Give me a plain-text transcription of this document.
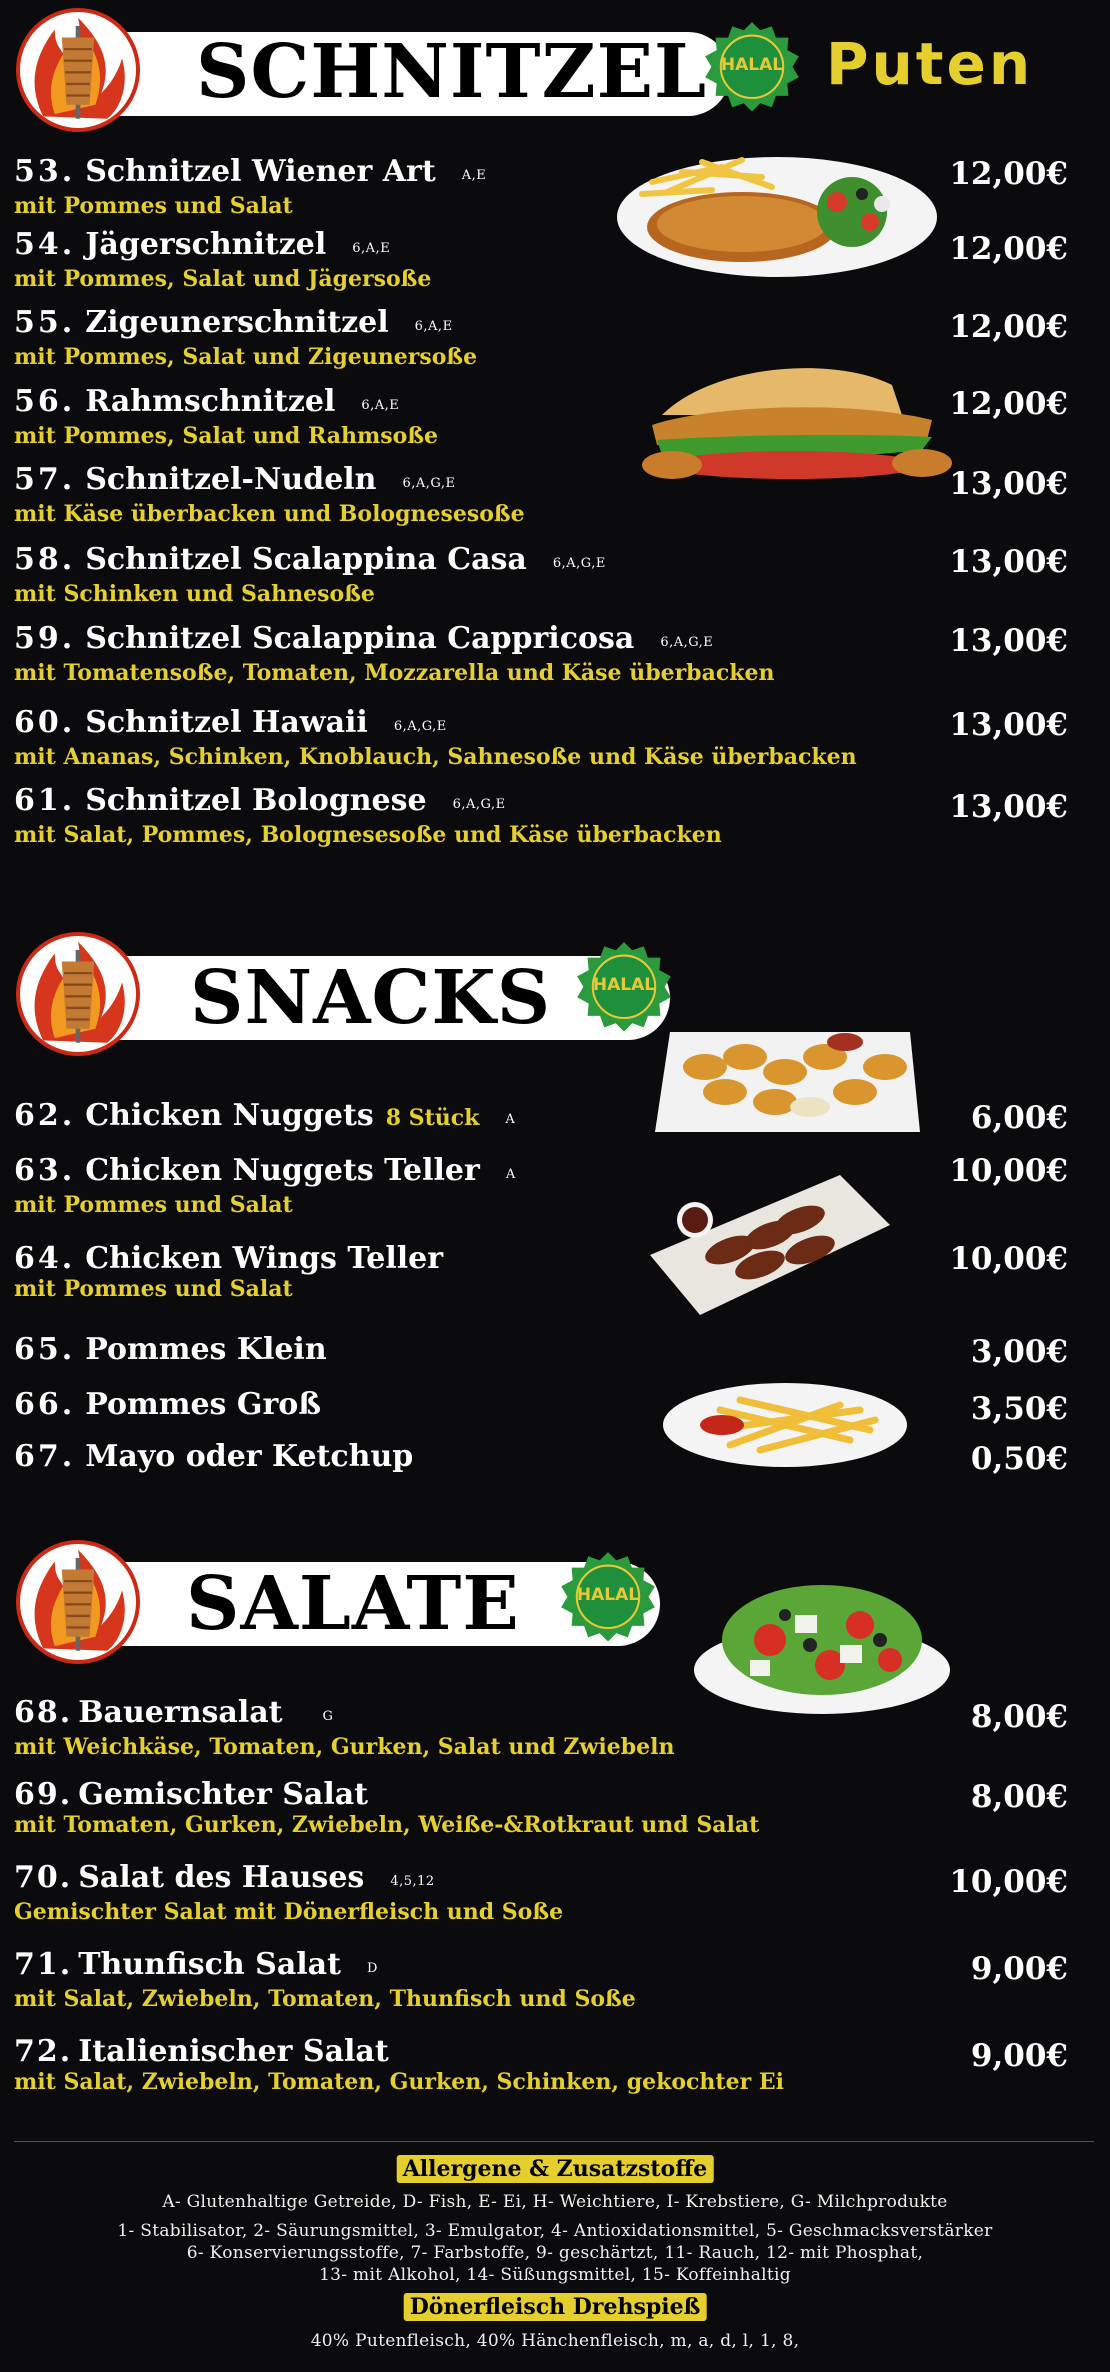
SCHNITZEL HALAL Puten
53. Schnitzel Wiener Art A,E
mit Pommes und Salat
12,00€
54. Jägerschnitzel 6,A,E
mit Pommes, Salat und Jägersoße
12,00€
55. Zigeunerschnitzel 6,A,E
mit Pommes, Salat und Zigeunersoße
12,00€
56. Rahmschnitzel 6,A,E
mit Pommes, Salat und Rahmsoße
12,00€
57. Schnitzel-Nudeln 6,A,G,E
mit Käse überbacken und Bolognesesoße
13,00€
58. Schnitzel Scalappina Casa 6,A,G,E
mit Schinken und Sahnesoße
13,00€
59. Schnitzel Scalappina Cappricosa 6,A,G,E
mit Tomatensoße, Tomaten, Mozzarella und Käse überbacken
13,00€
60. Schnitzel Hawaii 6,A,G,E
mit Ananas, Schinken, Knoblauch, Sahnesoße und Käse überbacken
13,00€
61. Schnitzel Bolognese 6,A,G,E
mit Salat, Pommes, Bolognesesoße und Käse überbacken
13,00€
SNACKS	HALAL
62. Chicken Nuggets 8 Stück A	6,00€
63. Chicken Nuggets Teller A
mit Pommes und Salat
10,00€
64. Chicken Wings Teller
mit Pommes und Salat
10,00€
65. Pommes Klein	3,00€
66. Pommes Groß	3,50€
67. Mayo oder Ketchup	0,50€
SALATE	HALAL
68. Bauernsalat	G
mit Weichkäse, Tomaten, Gurken, Salat und Zwiebeln
8,00€
69. Gemischter Salat
mit Tomaten, Gurken, Zwiebeln, Weiße-&Rotkraut und Salat
8,00€
70. Salat des Hauses 4,5,12
Gemischter Salat mit Dönerfleisch und Soße
10,00€
71. Thunfisch Salat D
mit Salat, Zwiebeln, Tomaten, Thunfisch und Soße
9,00€
72. Italienischer Salat
mit Salat, Zwiebeln, Tomaten, Gurken, Schinken, gekochter Ei
9,00€
Allergene & Zusatzstoffe
A- Glutenhaltige Getreide, D- Fish, E- Ei, H- Weichtiere, I- Krebstiere, G- Milchprodukte
1- Stabilisator, 2- Säurungsmittel, 3- Emulgator, 4- Antioxidationsmittel, 5- Geschmacksverstärker
6- Konservierungsstoffe, 7- Farbstoffe, 9- geschärtzt, 11- Rauch, 12- mit Phosphat,
13- mit Alkohol, 14- Süßungsmittel, 15- Koffeinhaltig
Dönerfleisch Drehspieß
40% Putenfleisch, 40% Hänchenfleisch, m, a, d, l, 1, 8,
